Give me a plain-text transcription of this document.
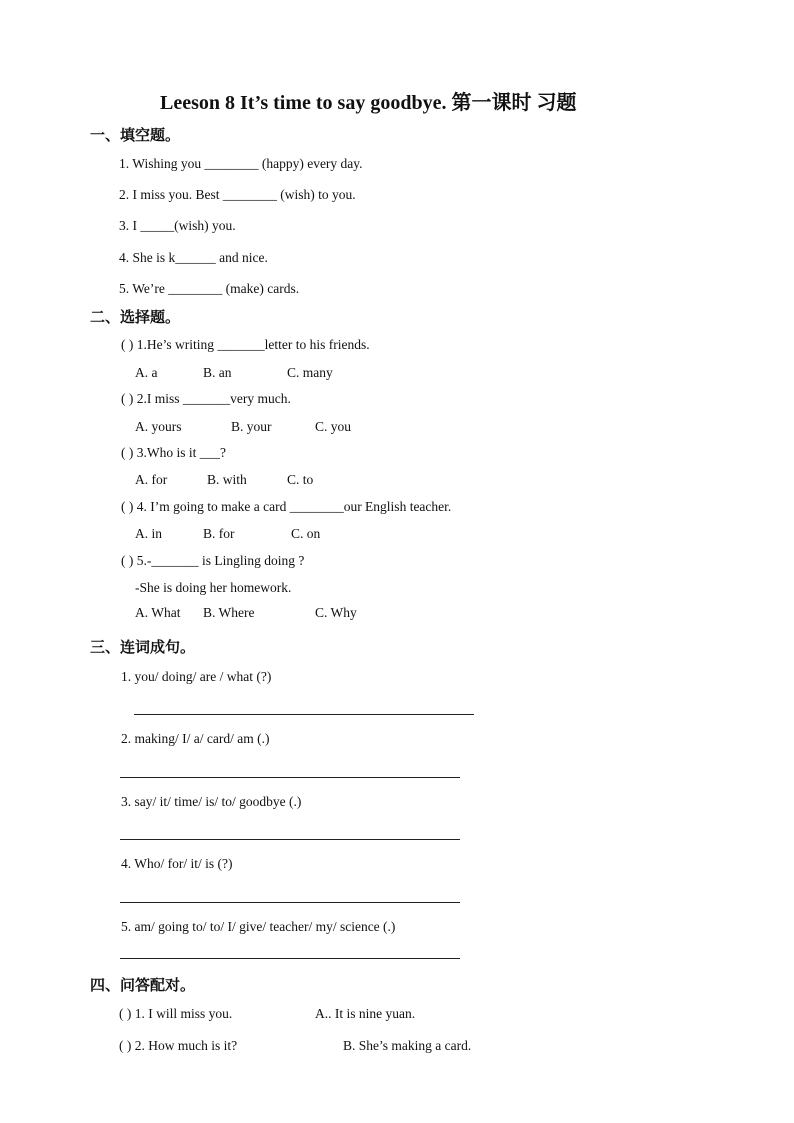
Leeson 8 It’s time to say goodbye. 第一课时 习题
一、填空题。
1. Wishing you ________ (happy) every day.
2. I miss you. Best ________ (wish) to you.
3. I _____(wish) you.
4. She is k______ and nice.
5. We’re ________ (make) cards.
二、选择题。
( ) 1.He’s writing _______letter to his friends.
A. a	B. an	C. many
( ) 2.I miss _______very much.
A. yours	B. your	C. you
( ) 3.Who is it ___?
A. for	B. with	C. to
( ) 4. I’m going to make a card ________our English teacher.
A. in	B. for	C. on
( ) 5.-_______ is Lingling doing ?
-She is doing her homework.
A. What B. Where	C. Why
三、连词成句。
1. you/ doing/ are / what (?)
2. making/ I/ a/ card/ am (.)
3. say/ it/ time/ is/ to/ goodbye (.)
4. Who/ for/ it/ is (?)
5. am/ going to/ to/ I/ give/ teacher/ my/ science (.)
四、问答配对。
( ) 1. I will miss you.	A.. It is nine yuan.
( ) 2. How much is it?	B. She’s making a card.
